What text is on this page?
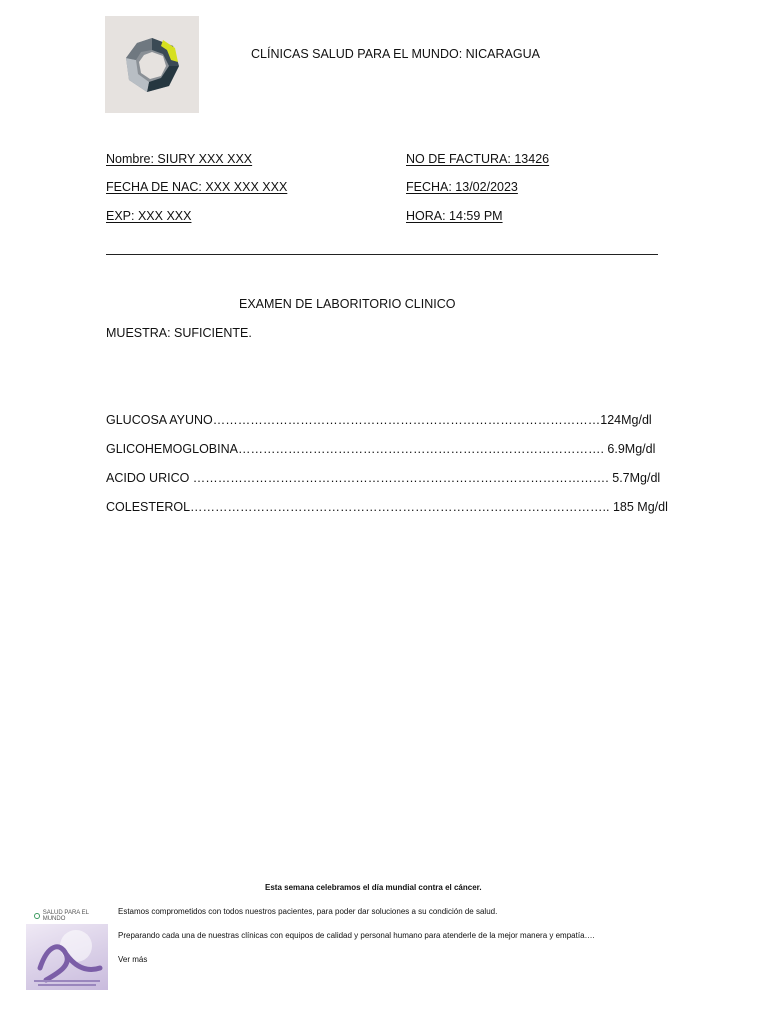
CLÍNICAS SALUD PARA EL MUNDO: NICARAGUA
Nombre: SIURY XXX XXX
FECHA DE NAC: XXX XXX XXX
EXP: XXX XXX
NO DE FACTURA: 13426
FECHA: 13/02/2023
HORA: 14:59 PM
EXAMEN DE LABORITORIO CLINICO
MUESTRA: SUFICIENTE.
GLUCOSA AYUNO…………………………………………………………………………………124Mg/dl
GLICOHEMOGLOBINA……………………………………………………………………………. 6.9Mg/dl
ACIDO URICO ………………………………………………………………………………………. 5.7Mg/dl
COLESTEROL……………………………………………………………………………………….. 185 Mg/dl
Esta semana celebramos el día mundial contra el cáncer.
SALUD PARA EL MUNDO
Estamos comprometidos con todos nuestros pacientes, para poder dar soluciones a su condición de salud.
Preparando cada una de nuestras clínicas con equipos de calidad y personal humano para atenderle de la mejor manera y empatía….
Ver más
